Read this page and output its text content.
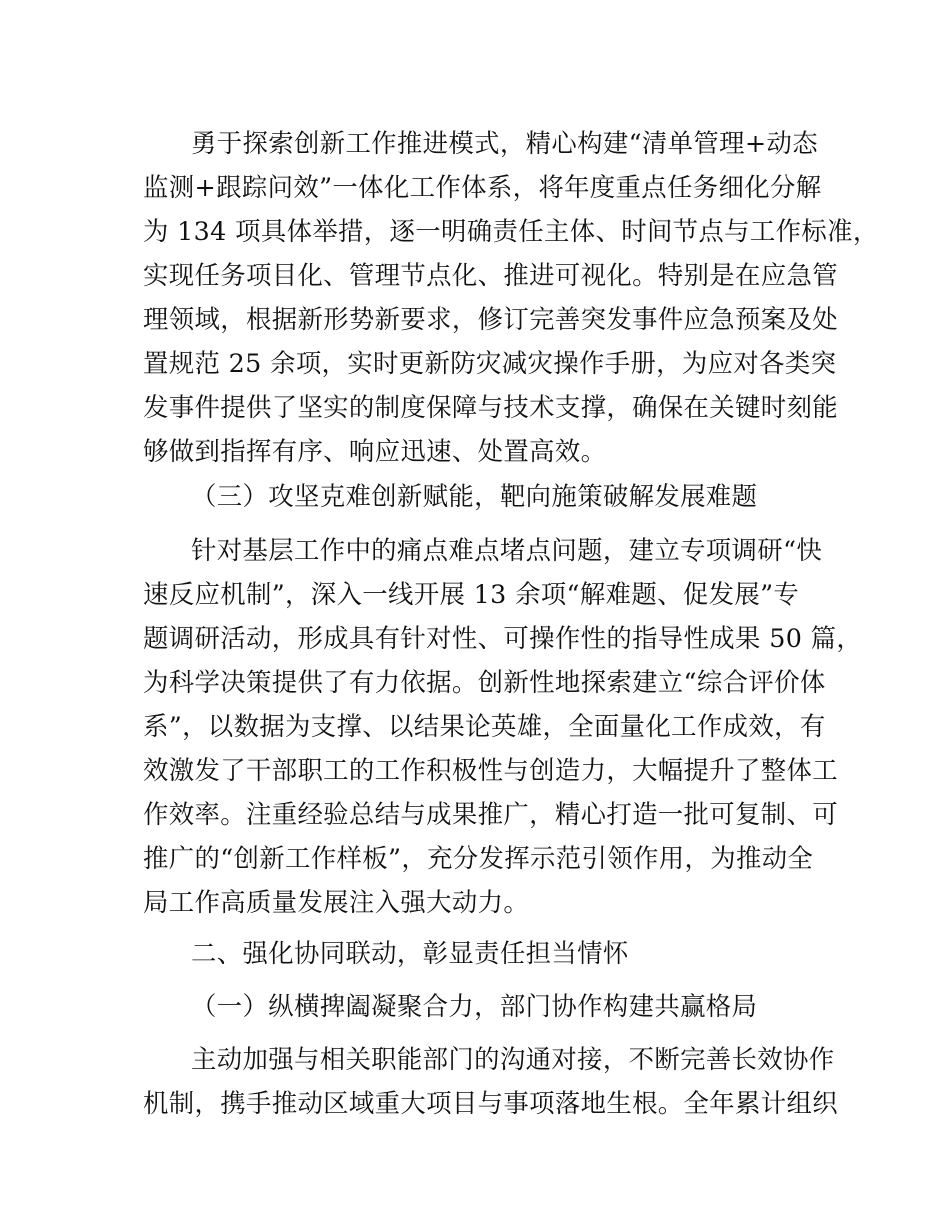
勇于探索创新工作推进模式，精心构建“清单管理+动态
监测+跟踪问效”一体化工作体系，将年度重点任务细化分解
为 134 项具体举措，逐一明确责任主体、时间节点与工作标准，
实现任务项目化、管理节点化、推进可视化。特别是在应急管
理领域，根据新形势新要求，修订完善突发事件应急预案及处
置规范 25 余项，实时更新防灾减灾操作手册，为应对各类突
发事件提供了坚实的制度保障与技术支撑，确保在关键时刻能
够做到指挥有序、响应迅速、处置高效。
（三）攻坚克难创新赋能，靶向施策破解发展难题
针对基层工作中的痛点难点堵点问题，建立专项调研“快
速反应机制”，深入一线开展 13 余项“解难题、促发展”专
题调研活动，形成具有针对性、可操作性的指导性成果 50 篇，
为科学决策提供了有力依据。创新性地探索建立“综合评价体
系”，以数据为支撑、以结果论英雄，全面量化工作成效，有
效激发了干部职工的工作积极性与创造力，大幅提升了整体工
作效率。注重经验总结与成果推广，精心打造一批可复制、可
推广的“创新工作样板”，充分发挥示范引领作用，为推动全
局工作高质量发展注入强大动力。
二、强化协同联动，彰显责任担当情怀
（一）纵横捭阖凝聚合力，部门协作构建共赢格局
主动加强与相关职能部门的沟通对接，不断完善长效协作
机制，携手推动区域重大项目与事项落地生根。全年累计组织
